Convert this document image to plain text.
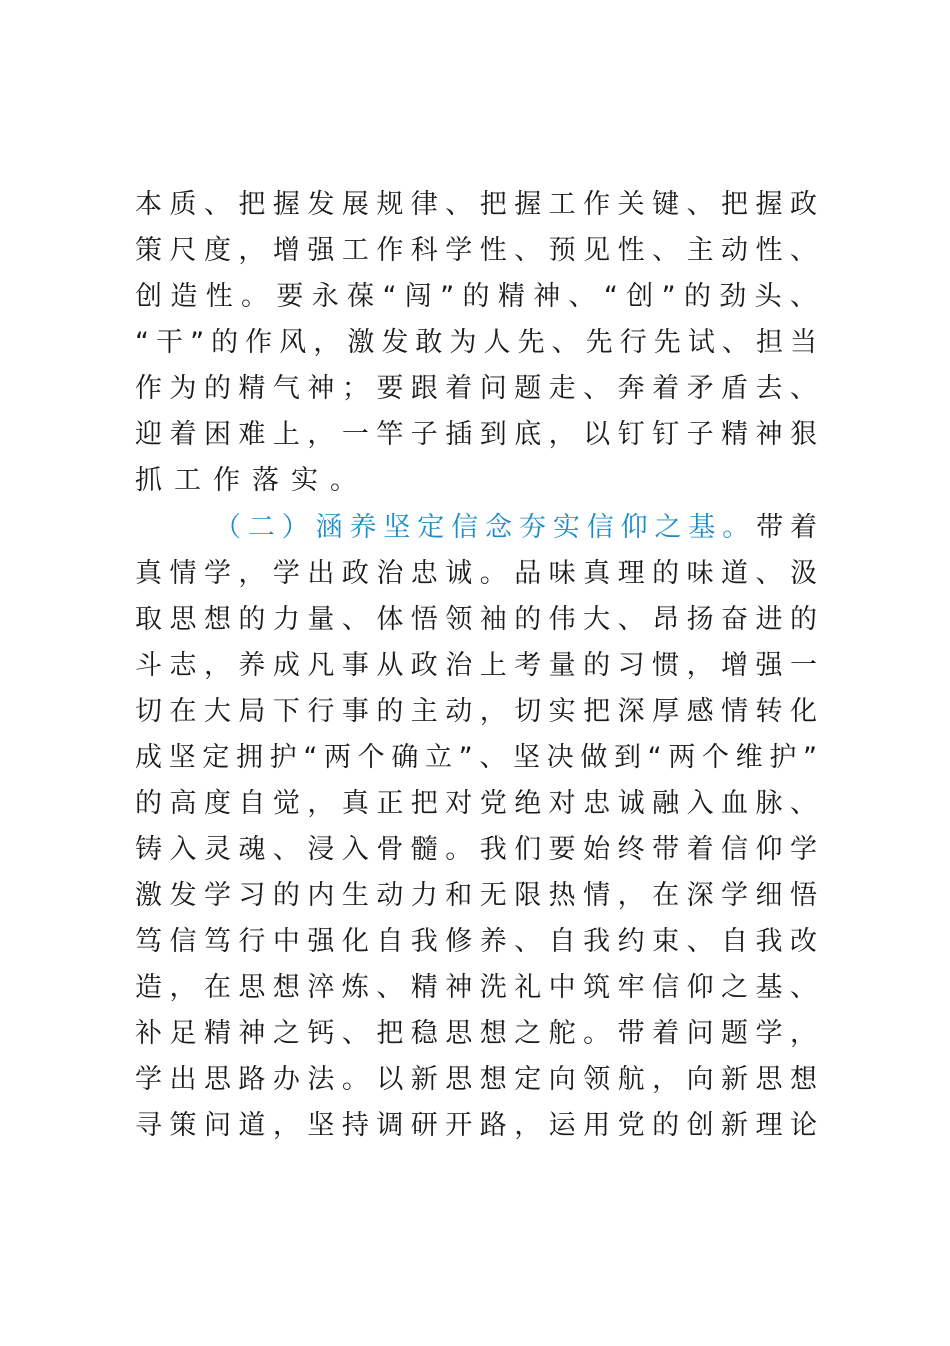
本质、把握发展规律、把握工作关键、把握政
策尺度，增强工作科学性、预见性、主动性、
创造性。要永葆“闯”的精神、“创”的劲头、
“干”的作风，激发敢为人先、先行先试、担当
作为的精气神；要跟着问题走、奔着矛盾去、
迎着困难上，一竿子插到底，以钉钉子精神狠
抓工作落实。
（二）涵养坚定信念夯实信仰之基。带着
真情学，学出政治忠诚。品味真理的味道、汲
取思想的力量、体悟领袖的伟大、昂扬奋进的
斗志，养成凡事从政治上考量的习惯，增强一
切在大局下行事的主动，切实把深厚感情转化
成坚定拥护“两个确立”、坚决做到“两个维护”
的高度自觉，真正把对党绝对忠诚融入血脉、
铸入灵魂、浸入骨髓。我们要始终带着信仰学
激发学习的内生动力和无限热情，在深学细悟
笃信笃行中强化自我修养、自我约束、自我改
造，在思想淬炼、精神洗礼中筑牢信仰之基、
补足精神之钙、把稳思想之舵。带着问题学，
学出思路办法。以新思想定向领航，向新思想
寻策问道，坚持调研开路，运用党的创新理论
